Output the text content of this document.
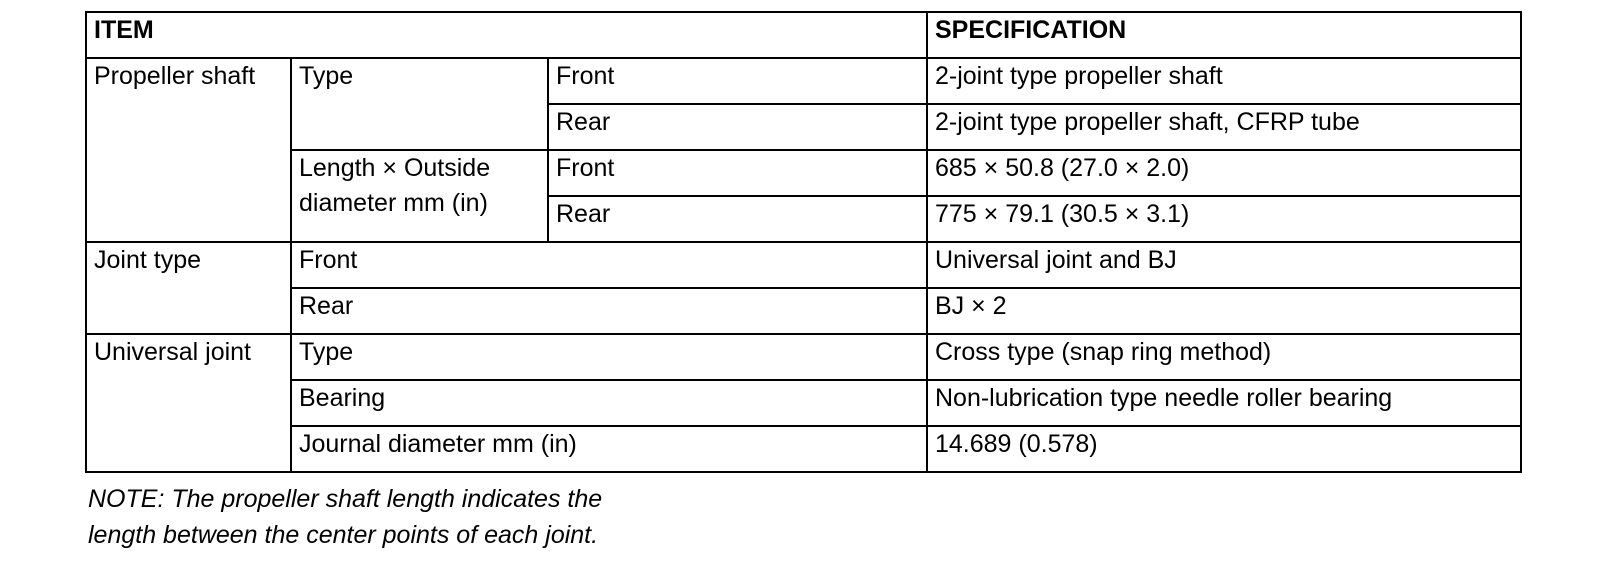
ITEM			SPECIFICATION
Propeller shaft	Type	Front	2-joint type propeller shaft
		Rear	2-joint type propeller shaft, CFRP tube
	Length × Outside diameter mm (in)	Front	685 × 50.8 (27.0 × 2.0)
		Rear	775 × 79.1 (30.5 × 3.1)
Joint type	Front		Universal joint and BJ
	Rear		BJ × 2
Universal joint	Type		Cross type (snap ring method)
	Bearing		Non-lubrication type needle roller bearing
	Journal diameter mm (in)		14.689 (0.578)
NOTE: The propeller shaft length indicates the
length between the center points of each joint.
